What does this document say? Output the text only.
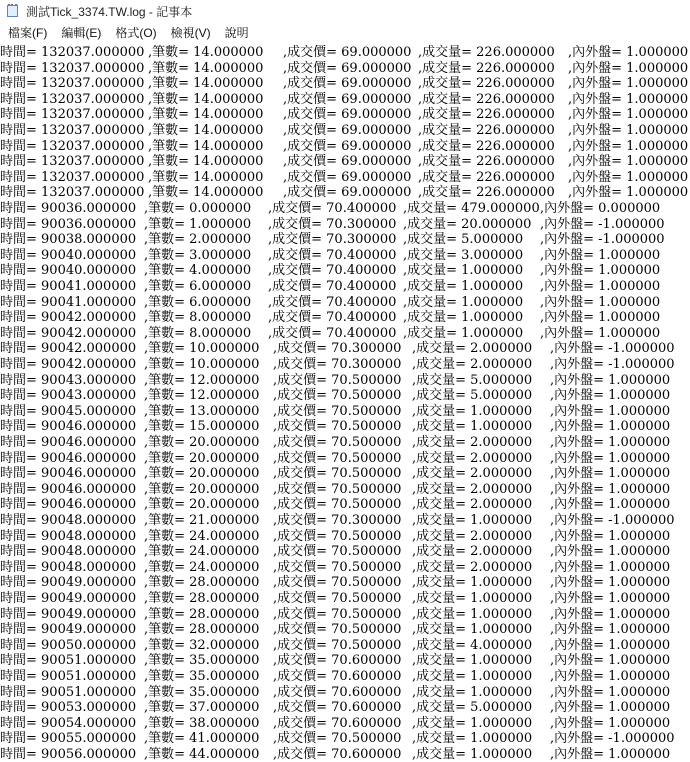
測試Tick_3374.TW.log - 記事本
檔案(F)	編輯(E)	格式(O)	檢視(V)	說明
時間= 132037.000000 ,筆數= 14.000000 ,成交價= 69.000000 ,成交量= 226.000000 ,內外盤= 1.000000
時間= 132037.000000 ,筆數= 14.000000 ,成交價= 69.000000 ,成交量= 226.000000 ,內外盤= 1.000000
時間= 132037.000000 ,筆數= 14.000000 ,成交價= 69.000000 ,成交量= 226.000000 ,內外盤= 1.000000
時間= 132037.000000 ,筆數= 14.000000 ,成交價= 69.000000 ,成交量= 226.000000 ,內外盤= 1.000000
時間= 132037.000000 ,筆數= 14.000000 ,成交價= 69.000000 ,成交量= 226.000000 ,內外盤= 1.000000
時間= 132037.000000 ,筆數= 14.000000 ,成交價= 69.000000 ,成交量= 226.000000 ,內外盤= 1.000000
時間= 132037.000000 ,筆數= 14.000000 ,成交價= 69.000000 ,成交量= 226.000000 ,內外盤= 1.000000
時間= 132037.000000 ,筆數= 14.000000 ,成交價= 69.000000 ,成交量= 226.000000 ,內外盤= 1.000000
時間= 132037.000000 ,筆數= 14.000000 ,成交價= 69.000000 ,成交量= 226.000000 ,內外盤= 1.000000
時間= 132037.000000 ,筆數= 14.000000 ,成交價= 69.000000 ,成交量= 226.000000 ,內外盤= 1.000000
時間= 90036.000000 ,筆數= 0.000000 ,成交價= 70.400000 ,成交量= 479.000000 ,內外盤= 0.000000
時間= 90036.000000 ,筆數= 1.000000 ,成交價= 70.300000 ,成交量= 20.000000 ,內外盤= -1.000000
時間= 90038.000000 ,筆數= 2.000000 ,成交價= 70.300000 ,成交量= 5.000000 ,內外盤= -1.000000
時間= 90040.000000 ,筆數= 3.000000 ,成交價= 70.400000 ,成交量= 3.000000 ,內外盤= 1.000000
時間= 90040.000000 ,筆數= 4.000000 ,成交價= 70.400000 ,成交量= 1.000000 ,內外盤= 1.000000
時間= 90041.000000 ,筆數= 6.000000 ,成交價= 70.400000 ,成交量= 1.000000 ,內外盤= 1.000000
時間= 90041.000000 ,筆數= 6.000000 ,成交價= 70.400000 ,成交量= 1.000000 ,內外盤= 1.000000
時間= 90042.000000 ,筆數= 8.000000 ,成交價= 70.400000 ,成交量= 1.000000 ,內外盤= 1.000000
時間= 90042.000000 ,筆數= 8.000000 ,成交價= 70.400000 ,成交量= 1.000000 ,內外盤= 1.000000
時間= 90042.000000 ,筆數= 10.000000 ,成交價= 70.300000 ,成交量= 2.000000 ,內外盤= -1.000000
時間= 90042.000000 ,筆數= 10.000000 ,成交價= 70.300000 ,成交量= 2.000000 ,內外盤= -1.000000
時間= 90043.000000 ,筆數= 12.000000 ,成交價= 70.500000 ,成交量= 5.000000 ,內外盤= 1.000000
時間= 90043.000000 ,筆數= 12.000000 ,成交價= 70.500000 ,成交量= 5.000000 ,內外盤= 1.000000
時間= 90045.000000 ,筆數= 13.000000 ,成交價= 70.500000 ,成交量= 1.000000 ,內外盤= 1.000000
時間= 90046.000000 ,筆數= 15.000000 ,成交價= 70.500000 ,成交量= 1.000000 ,內外盤= 1.000000
時間= 90046.000000 ,筆數= 20.000000 ,成交價= 70.500000 ,成交量= 2.000000 ,內外盤= 1.000000
時間= 90046.000000 ,筆數= 20.000000 ,成交價= 70.500000 ,成交量= 2.000000 ,內外盤= 1.000000
時間= 90046.000000 ,筆數= 20.000000 ,成交價= 70.500000 ,成交量= 2.000000 ,內外盤= 1.000000
時間= 90046.000000 ,筆數= 20.000000 ,成交價= 70.500000 ,成交量= 2.000000 ,內外盤= 1.000000
時間= 90046.000000 ,筆數= 20.000000 ,成交價= 70.500000 ,成交量= 2.000000 ,內外盤= 1.000000
時間= 90048.000000 ,筆數= 21.000000 ,成交價= 70.300000 ,成交量= 1.000000 ,內外盤= -1.000000
時間= 90048.000000 ,筆數= 24.000000 ,成交價= 70.500000 ,成交量= 2.000000 ,內外盤= 1.000000
時間= 90048.000000 ,筆數= 24.000000 ,成交價= 70.500000 ,成交量= 2.000000 ,內外盤= 1.000000
時間= 90048.000000 ,筆數= 24.000000 ,成交價= 70.500000 ,成交量= 2.000000 ,內外盤= 1.000000
時間= 90049.000000 ,筆數= 28.000000 ,成交價= 70.500000 ,成交量= 1.000000 ,內外盤= 1.000000
時間= 90049.000000 ,筆數= 28.000000 ,成交價= 70.500000 ,成交量= 1.000000 ,內外盤= 1.000000
時間= 90049.000000 ,筆數= 28.000000 ,成交價= 70.500000 ,成交量= 1.000000 ,內外盤= 1.000000
時間= 90049.000000 ,筆數= 28.000000 ,成交價= 70.500000 ,成交量= 1.000000 ,內外盤= 1.000000
時間= 90050.000000 ,筆數= 32.000000 ,成交價= 70.500000 ,成交量= 4.000000 ,內外盤= 1.000000
時間= 90051.000000 ,筆數= 35.000000 ,成交價= 70.600000 ,成交量= 1.000000 ,內外盤= 1.000000
時間= 90051.000000 ,筆數= 35.000000 ,成交價= 70.600000 ,成交量= 1.000000 ,內外盤= 1.000000
時間= 90051.000000 ,筆數= 35.000000 ,成交價= 70.600000 ,成交量= 1.000000 ,內外盤= 1.000000
時間= 90053.000000 ,筆數= 37.000000 ,成交價= 70.600000 ,成交量= 5.000000 ,內外盤= 1.000000
時間= 90054.000000 ,筆數= 38.000000 ,成交價= 70.600000 ,成交量= 1.000000 ,內外盤= 1.000000
時間= 90055.000000 ,筆數= 41.000000 ,成交價= 70.500000 ,成交量= 1.000000 ,內外盤= -1.000000
時間= 90056.000000 ,筆數= 44.000000 ,成交價= 70.600000 ,成交量= 1.000000 ,內外盤= 1.000000
